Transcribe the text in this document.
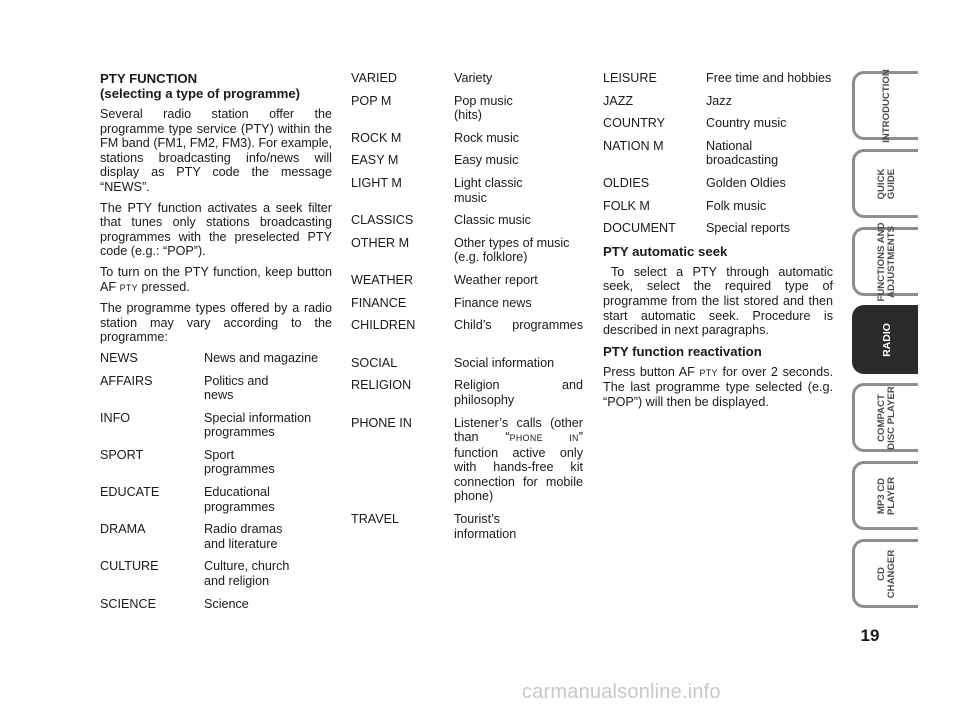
PTY FUNCTION
(selecting a type of programme)
Several radio station offer the programme type service (PTY) within the FM band (FM1, FM2, FM3). For example, stations broadcasting info/news will display as PTY code the message “NEWS”.
The PTY function activates a seek filter that tunes only stations broadcasting programmes with the preselected PTY code (e.g.: “POP”).
To turn on the PTY function, keep button AF PTY pressed.
The programme types offered by a radio station may vary according to the programme:
NEWS	News and magazine
AFFAIRS	Politics and
news
INFO	Special information
programmes
SPORT	Sport
programmes
EDUCATE	Educational
programmes
DRAMA	Radio dramas
and literature
CULTURE	Culture, church
and religion
SCIENCE	Science
VARIED	Variety
POP M	Pop music (hits)
ROCK M	Rock music
EASY M	Easy music
LIGHT M	Light classic music
CLASSICS	Classic music
OTHER M	Other types of music (e.g. folklore)
WEATHER	Weather report
FINANCE	Finance news
CHILDREN	Child’s programmes
SOCIAL	Social information
RELIGION	Religion and philosophy
PHONE IN	Listener’s calls (other than “PHONE IN” function active only with hands-free kit connection for mobile phone)
TRAVEL	Tourist’s information
LEISURE	Free time and hobbies
JAZZ	Jazz
COUNTRY	Country music
NATION M	National broadcasting
OLDIES	Golden Oldies
FOLK M	Folk music
DOCUMENT	Special reports
PTY automatic seek
To select a PTY through automatic seek, select the required type of programme from the list stored and then start automatic seek. Procedure is described in next paragraphs.
PTY function reactivation
Press button AF PTY for over 2 seconds. The last programme type selected (e.g. “POP”) will then be displayed.
INTRODUCTION
QUICK GUIDE
FUNCTIONS AND ADJUSTMENTS
RADIO
COMPACT DISC PLAYER
MP3 CD PLAYER
CD CHANGER
19
carmanualsonline.info
